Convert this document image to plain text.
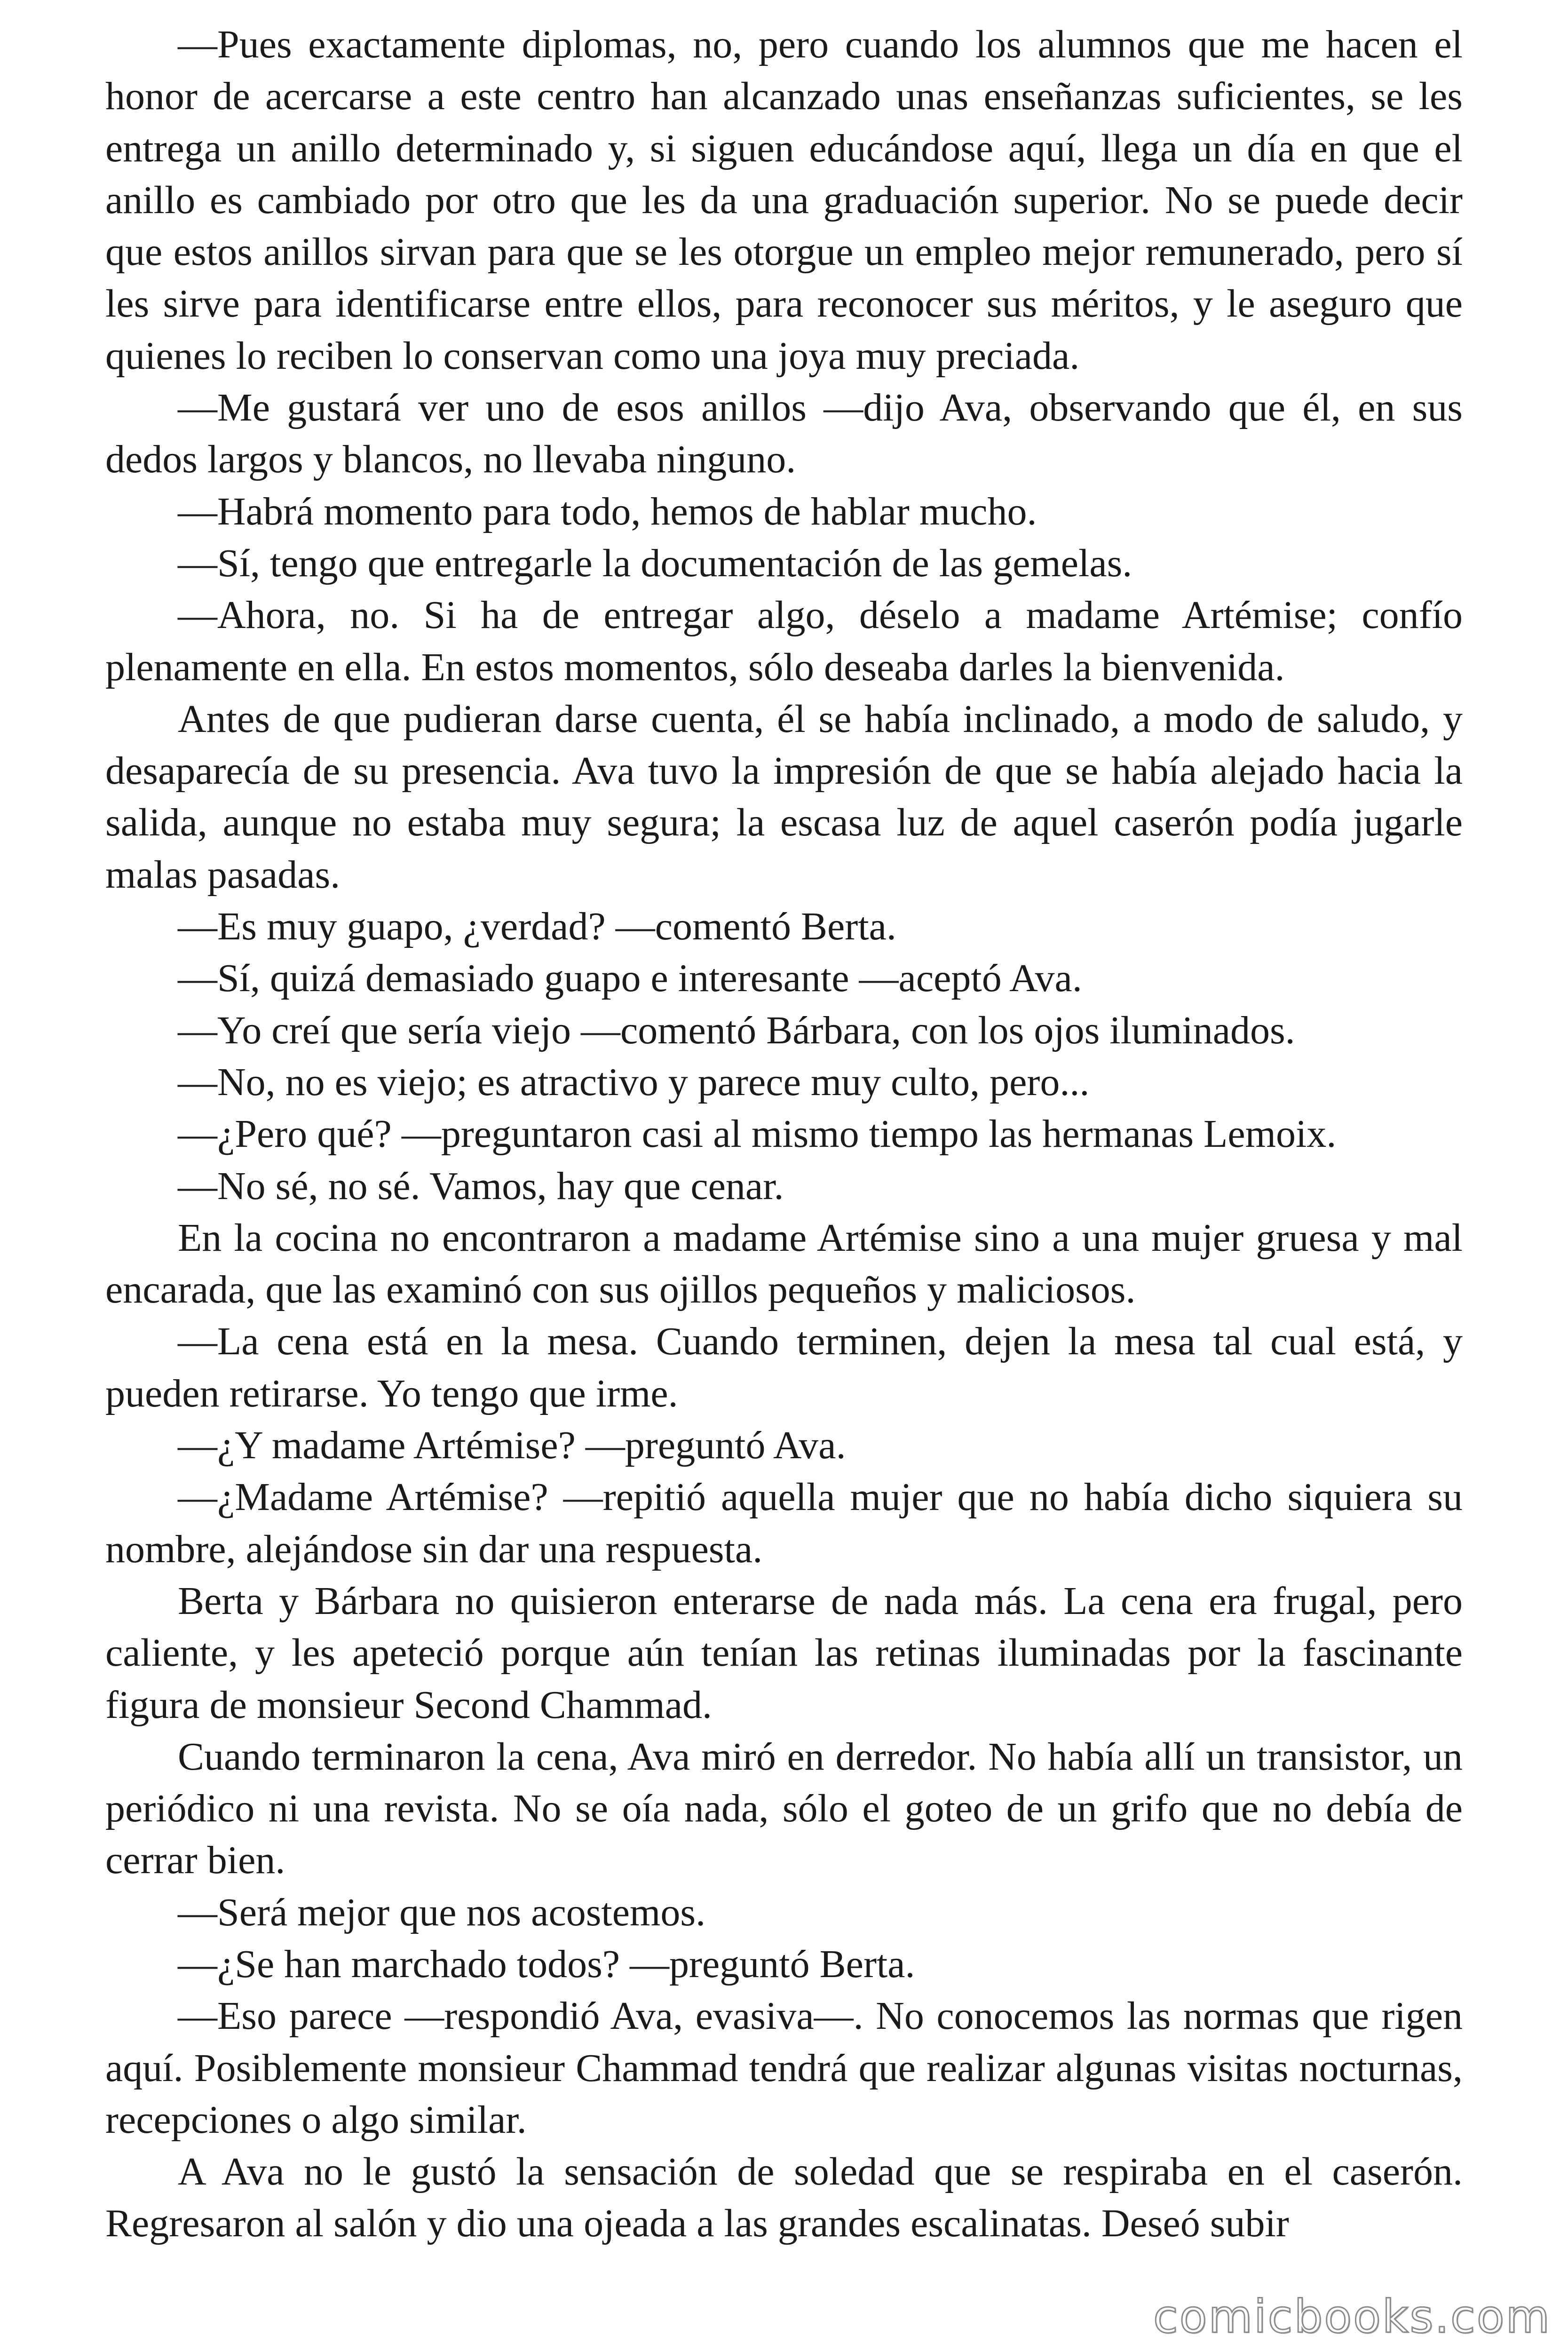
—Pues exactamente diplomas, no, pero cuando los alumnos que me hacen el honor de acercarse a este centro han alcanzado unas enseñanzas suficientes, se les entrega un anillo determinado y, si siguen educándose aquí, llega un día en que el anillo es cambiado por otro que les da una graduación superior. No se puede decir que estos anillos sirvan para que se les otorgue un empleo mejor remunerado, pero sí les sirve para identificarse entre ellos, para reconocer sus méritos, y le aseguro que quienes lo reciben lo conservan como una joya muy preciada.

—Me gustará ver uno de esos anillos —dijo Ava, observando que él, en sus dedos largos y blancos, no llevaba ninguno.

—Habrá momento para todo, hemos de hablar mucho.

—Sí, tengo que entregarle la documentación de las gemelas.

—Ahora, no. Si ha de entregar algo, déselo a madame Artémise; confío plenamente en ella. En estos momentos, sólo deseaba darles la bienvenida.

Antes de que pudieran darse cuenta, él se había inclinado, a modo de saludo, y desaparecía de su presencia. Ava tuvo la impresión de que se había alejado hacia la salida, aunque no estaba muy segura; la escasa luz de aquel caserón podía jugarle malas pasadas.

—Es muy guapo, ¿verdad? —comentó Berta.

—Sí, quizá demasiado guapo e interesante —aceptó Ava.

—Yo creí que sería viejo —comentó Bárbara, con los ojos iluminados.

—No, no es viejo; es atractivo y parece muy culto, pero...

—¿Pero qué? —preguntaron casi al mismo tiempo las hermanas Lemoix.

—No sé, no sé. Vamos, hay que cenar.

En la cocina no encontraron a madame Artémise sino a una mujer gruesa y mal encarada, que las examinó con sus ojillos pequeños y maliciosos.

—La cena está en la mesa. Cuando terminen, dejen la mesa tal cual está, y pueden retirarse. Yo tengo que irme.

—¿Y madame Artémise? —preguntó Ava.

—¿Madame Artémise? —repitió aquella mujer que no había dicho siquiera su nombre, alejándose sin dar una respuesta.

Berta y Bárbara no quisieron enterarse de nada más. La cena era frugal, pero caliente, y les apeteció porque aún tenían las retinas iluminadas por la fascinante figura de monsieur Second Chammad.

Cuando terminaron la cena, Ava miró en derredor. No había allí un transistor, un periódico ni una revista. No se oía nada, sólo el goteo de un grifo que no debía de cerrar bien.

—Será mejor que nos acostemos.

—¿Se han marchado todos? —preguntó Berta.

—Eso parece —respondió Ava, evasiva—. No conocemos las normas que rigen aquí. Posiblemente monsieur Chammad tendrá que realizar algunas visitas nocturnas, recepciones o algo similar.

A Ava no le gustó la sensación de soledad que se respiraba en el caserón. Regresaron al salón y dio una ojeada a las grandes escalinatas. Deseó subir

comicbooks.com
